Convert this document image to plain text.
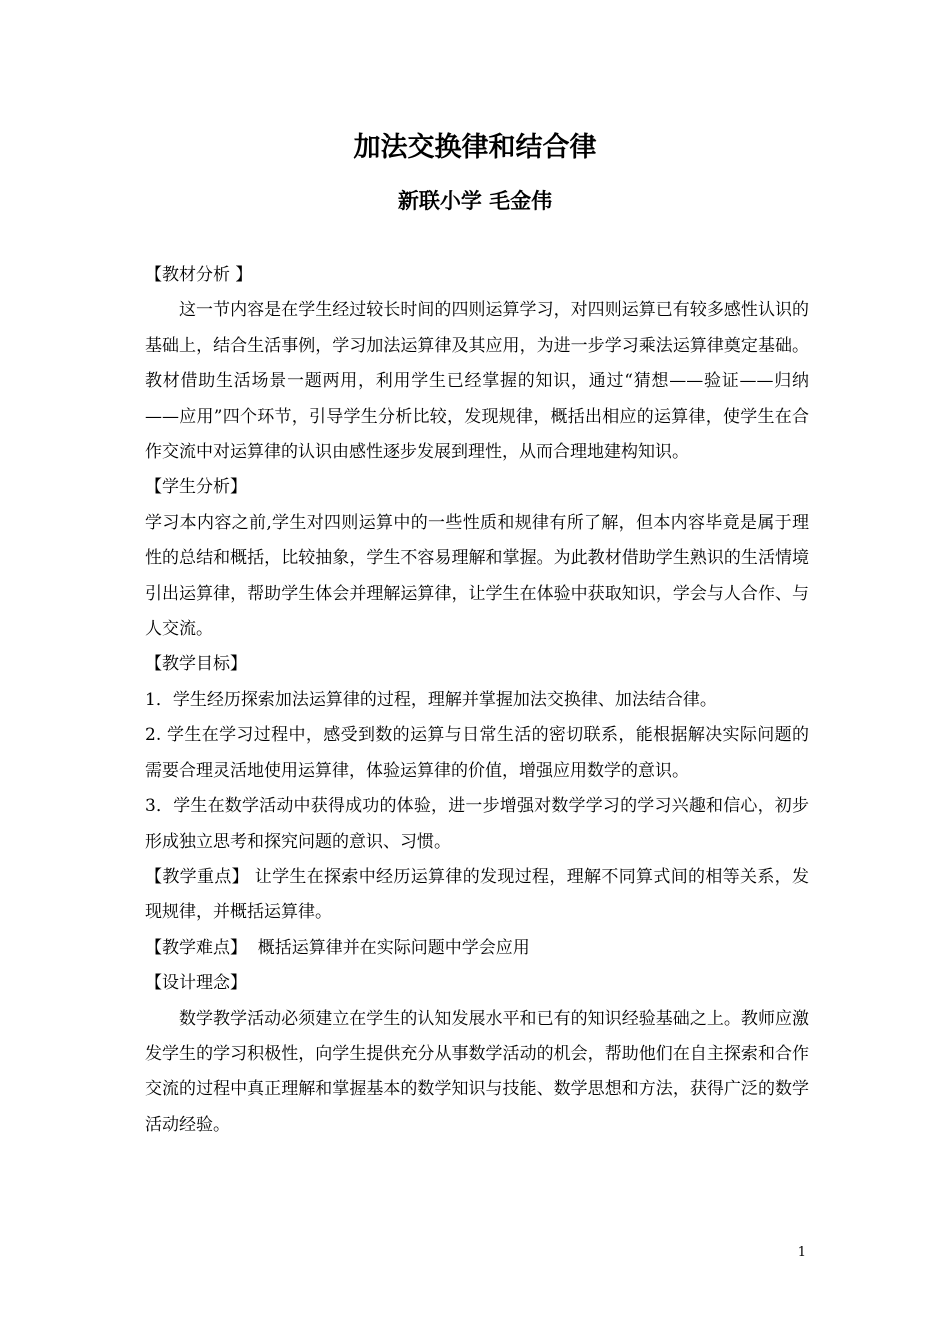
加法交换律和结合律
新联小学 毛金伟

【教材分析 】

这一节内容是在学生经过较长时间的四则运算学习，对四则运算已有较多感性认识的基础上，结合生活事例，学习加法运算律及其应用，为进一步学习乘法运算律奠定基础。教材借助生活场景一题两用，利用学生已经掌握的知识，通过“猜想——验证——归纳——应用”四个环节，引导学生分析比较，发现规律，概括出相应的运算律，使学生在合作交流中对运算律的认识由感性逐步发展到理性，从而合理地建构知识。

【学生分析】

学习本内容之前,学生对四则运算中的一些性质和规律有所了解，但本内容毕竟是属于理性的总结和概括，比较抽象，学生不容易理解和掌握。为此教材借助学生熟识的生活情境引出运算律，帮助学生体会并理解运算律，让学生在体验中获取知识，学会与人合作、与人交流。

【教学目标】

1．学生经历探索加法运算律的过程，理解并掌握加法交换律、加法结合律。

2. 学生在学习过程中，感受到数的运算与日常生活的密切联系，能根据解决实际问题的需要合理灵活地使用运算律，体验运算律的价值，增强应用数学的意识。

3．学生在数学活动中获得成功的体验，进一步增强对数学学习的学习兴趣和信心，初步形成独立思考和探究问题的意识、习惯。

【教学重点】 让学生在探索中经历运算律的发现过程，理解不同算式间的相等关系，发现规律，并概括运算律。

【教学难点】  概括运算律并在实际问题中学会应用

【设计理念】

数学教学活动必须建立在学生的认知发展水平和已有的知识经验基础之上。教师应激发学生的学习积极性，向学生提供充分从事数学活动的机会，帮助他们在自主探索和合作交流的过程中真正理解和掌握基本的数学知识与技能、数学思想和方法，获得广泛的数学活动经验。

1
